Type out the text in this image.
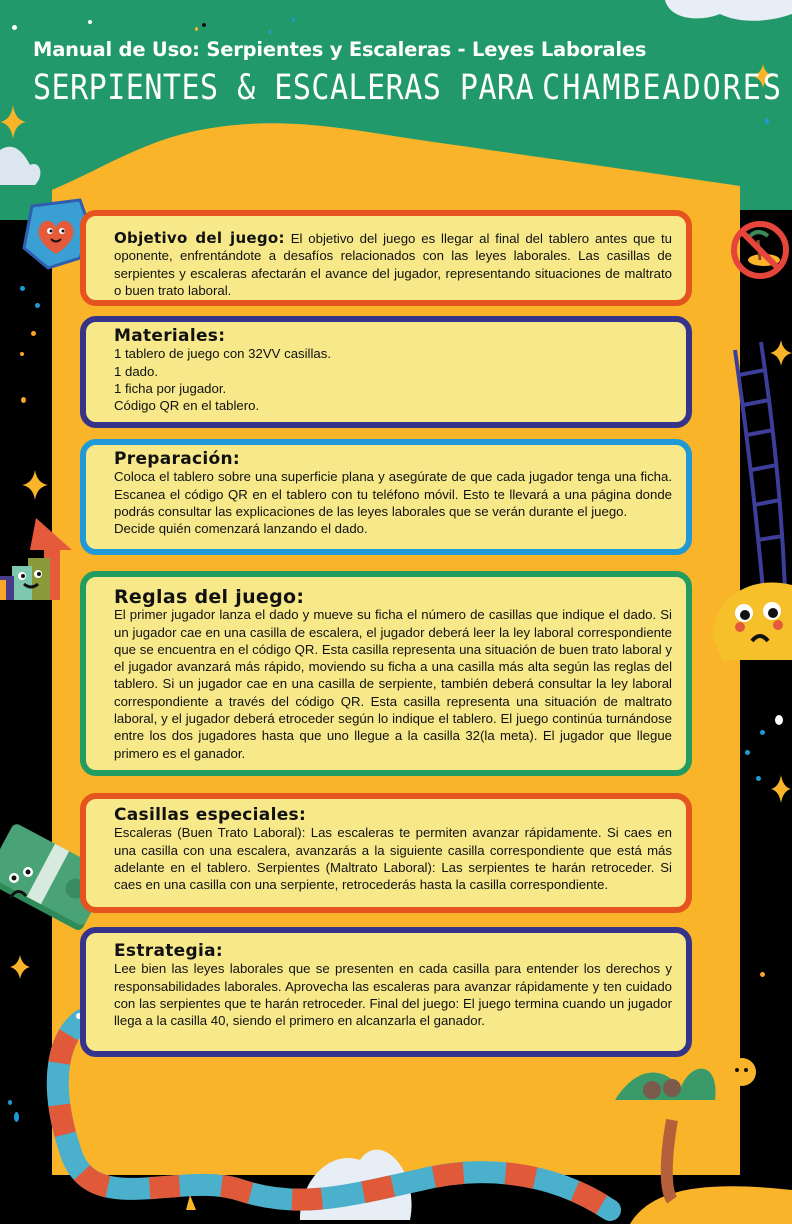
Manual de Uso: Serpientes y Escaleras - Leyes Laborales
SERPIENTES & ESCALERAS PARA CHAMBEADORES

Objetivo del juego: El objetivo del juego es llegar al final del tablero antes que tu oponente, enfrentándote a desafíos relacionados con las leyes laborales. Las casillas de serpientes y escaleras afectarán el avance del jugador, representando situaciones de maltrato o buen trato laboral.

Materiales:

1 tablero de juego con 32VV casillas.

1 dado.

1 ficha por jugador.

Código QR en el tablero.

Preparación:

Coloca el tablero sobre una superficie plana y asegúrate de que cada jugador tenga una ficha. Escanea el código QR en el tablero con tu teléfono móvil. Esto te llevará a una página donde podrás consultar las explicaciones de las leyes laborales que se verán durante el juego.

Decide quién comenzará lanzando el dado.

Reglas del juego:

El primer jugador lanza el dado y mueve su ficha el número de casillas que indique el dado. Si un jugador cae en una casilla de escalera, el jugador deberá leer la ley laboral correspondiente que se encuentra en el código QR. Esta casilla representa una situación de buen trato laboral y el jugador avanzará más rápido, moviendo su ficha a una casilla más alta según las reglas del tablero. Si un jugador cae en una casilla de serpiente, también deberá consultar la ley laboral correspondiente a través del código QR. Esta casilla representa una situación de maltrato laboral, y el jugador deberá etroceder según lo indique el tablero. El juego continúa turnándose entre los dos jugadores hasta que uno llegue a la casilla 32(la meta). El jugador que llegue primero es el ganador.

Casillas especiales:

Escaleras (Buen Trato Laboral): Las escaleras te permiten avanzar rápidamente. Si caes en una casilla con una escalera, avanzarás a la siguiente casilla correspondiente que está más adelante en el tablero. Serpientes (Maltrato Laboral): Las serpientes te harán retroceder. Si caes en una casilla con una serpiente, retrocederás hasta la casilla correspondiente.

Estrategia:

Lee bien las leyes laborales que se presenten en cada casilla para entender los derechos y responsabilidades laborales. Aprovecha las escaleras para avanzar rápidamente y ten cuidado con las serpientes que te harán retroceder. Final del juego: El juego termina cuando un jugador llega a la casilla 40, siendo el primero en alcanzarla el ganador.
